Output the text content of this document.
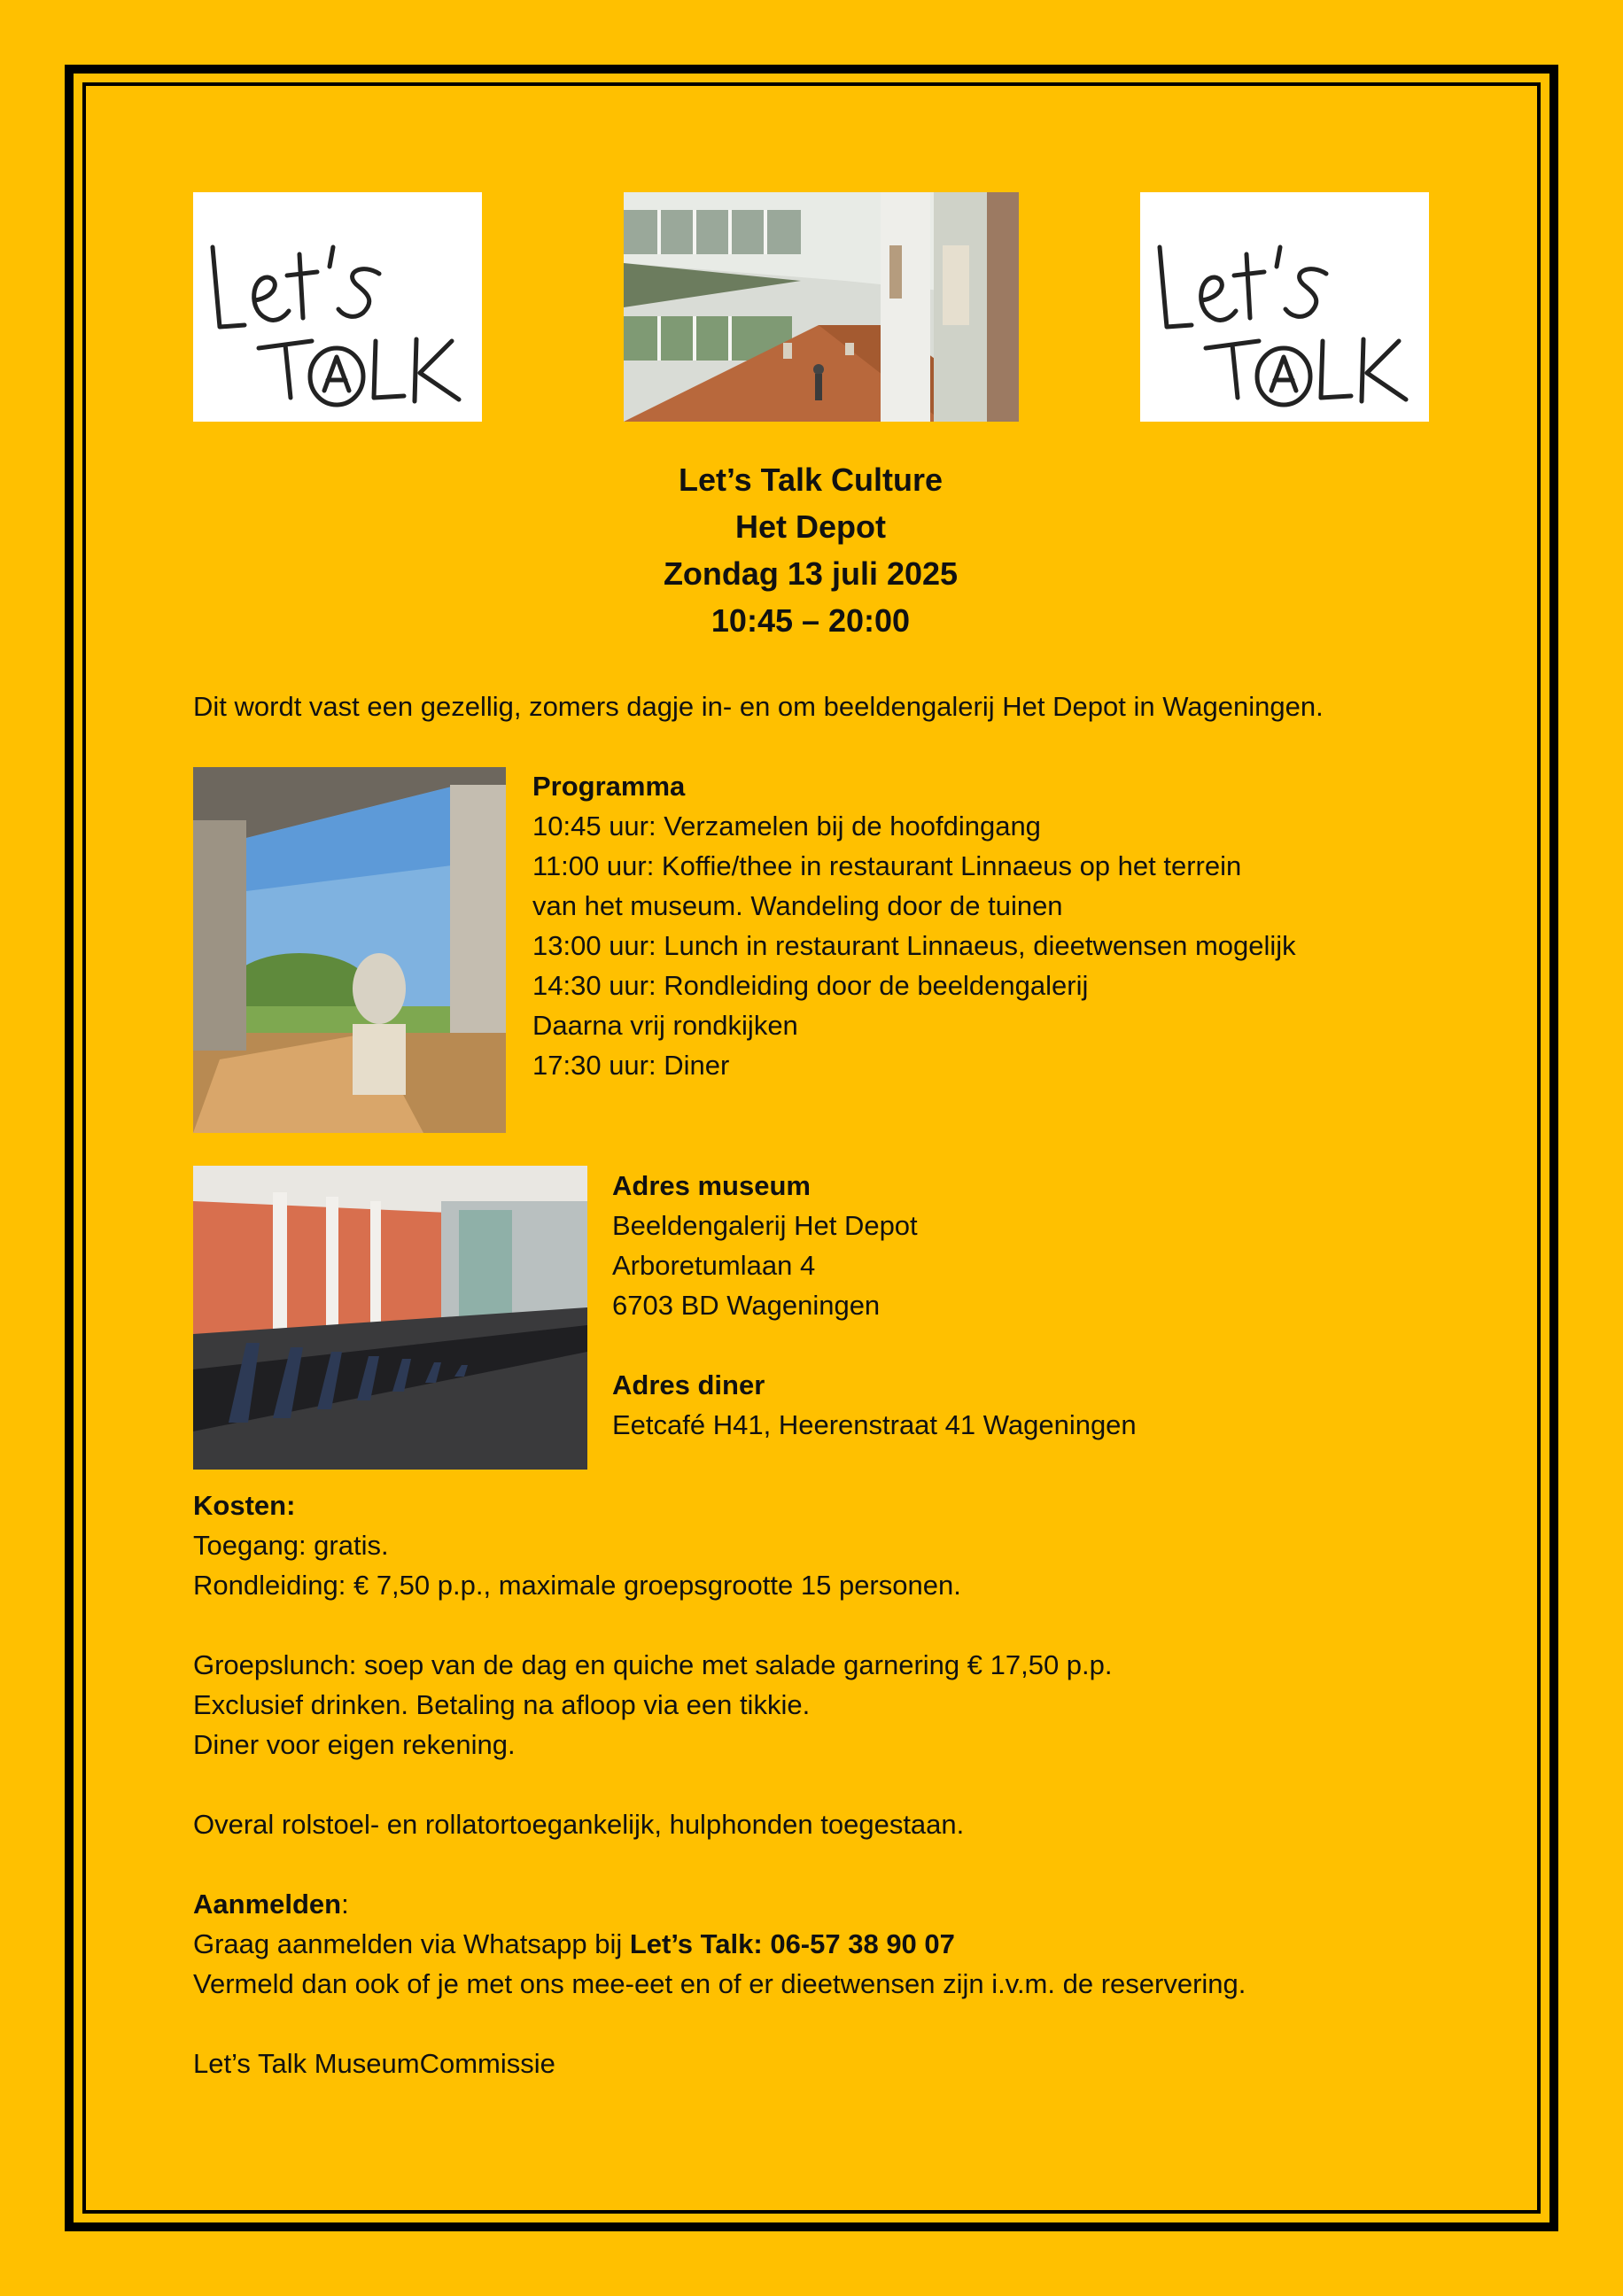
Let’s Talk Culture
Het Depot
Zondag 13 juli 2025
10:45 – 20:00
Dit wordt vast een gezellig, zomers dagje in- en om beeldengalerij Het Depot in Wageningen.
Programma
10:45 uur: Verzamelen bij de hoofdingang
11:00 uur: Koffie/thee in restaurant Linnaeus op het terrein
van het museum. Wandeling door de tuinen
13:00 uur: Lunch in restaurant Linnaeus, dieetwensen mogelijk
14:30 uur: Rondleiding door de beeldengalerij
Daarna vrij rondkijken
17:30 uur: Diner
Adres museum
Beeldengalerij Het Depot
Arboretumlaan 4
6703 BD Wageningen

Adres diner
Eetcafé H41, Heerenstraat 41 Wageningen
Kosten:
Toegang: gratis.
Rondleiding: € 7,50 p.p., maximale groepsgrootte 15 personen.

Groepslunch: soep van de dag en quiche met salade garnering € 17,50 p.p.
Exclusief drinken. Betaling na afloop via een tikkie.
Diner voor eigen rekening.

Overal rolstoel- en rollatortoegankelijk, hulphonden toegestaan.

Aanmelden:
Graag aanmelden via Whatsapp bij Let’s Talk: 06-57 38 90 07
Vermeld dan ook of je met ons mee-eet en of er dieetwensen zijn i.v.m. de reservering.

Let’s Talk MuseumCommissie
